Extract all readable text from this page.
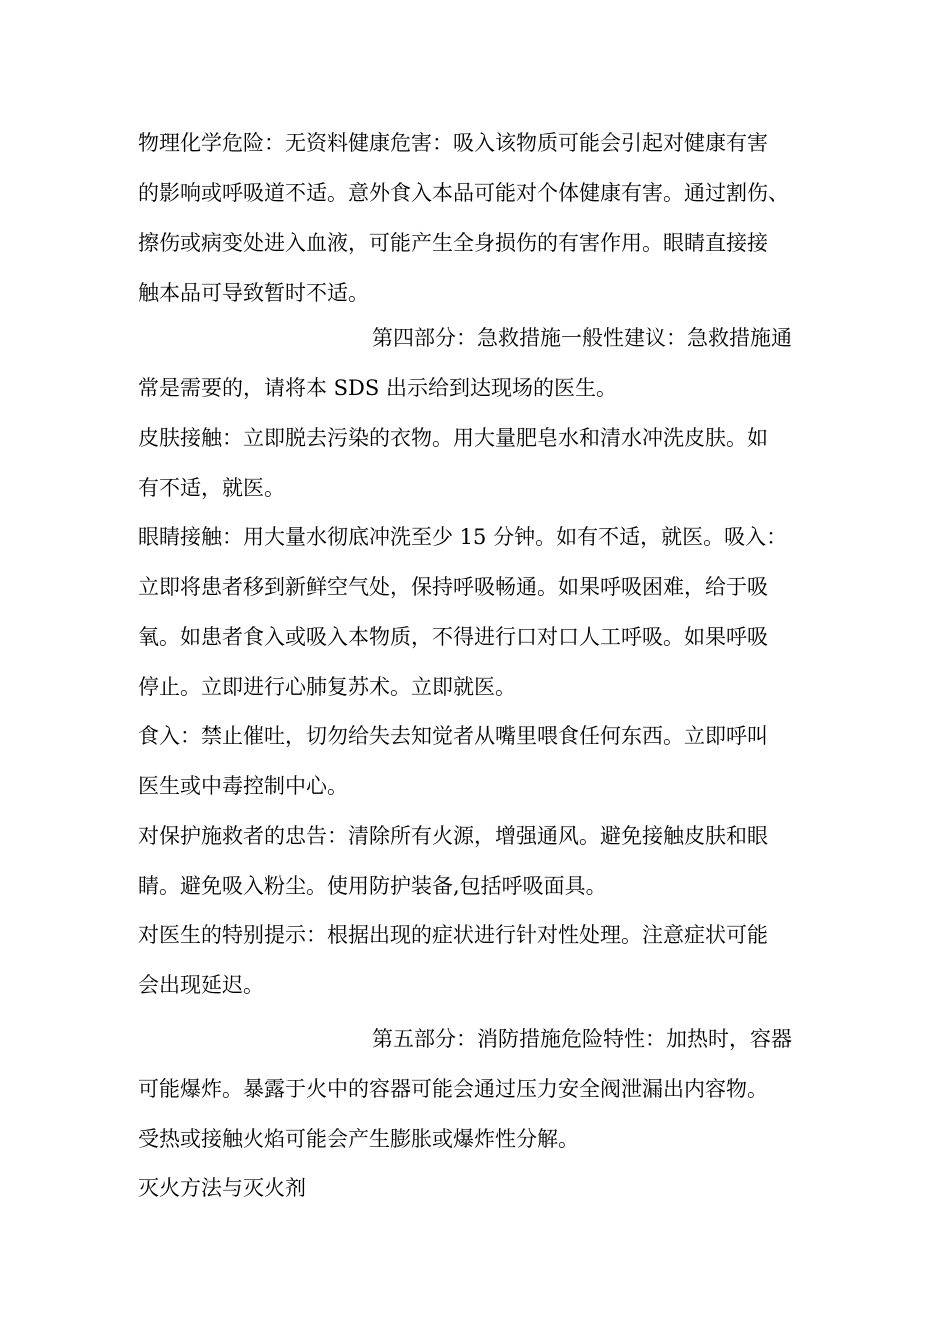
物理化学危险：无资料健康危害：吸入该物质可能会引起对健康有害
的影响或呼吸道不适。意外食入本品可能对个体健康有害。通过割伤、
擦伤或病变处进入血液，可能产生全身损伤的有害作用。眼睛直接接
触本品可导致暂时不适。
第四部分：急救措施一般性建议：急救措施通
常是需要的，请将本 SDS 出示给到达现场的医生。
皮肤接触：立即脱去污染的衣物。用大量肥皂水和清水冲洗皮肤。如
有不适，就医。
眼睛接触：用大量水彻底冲洗至少 15 分钟。如有不适，就医。吸入：
立即将患者移到新鲜空气处，保持呼吸畅通。如果呼吸困难，给于吸
氧。如患者食入或吸入本物质，不得进行口对口人工呼吸。如果呼吸
停止。立即进行心肺复苏术。立即就医。
食入：禁止催吐，切勿给失去知觉者从嘴里喂食任何东西。立即呼叫
医生或中毒控制中心。
对保护施救者的忠告：清除所有火源，增强通风。避免接触皮肤和眼
睛。避免吸入粉尘。使用防护装备,包括呼吸面具。
对医生的特别提示：根据出现的症状进行针对性处理。注意症状可能
会出现延迟。
第五部分：消防措施危险特性：加热时，容器
可能爆炸。暴露于火中的容器可能会通过压力安全阀泄漏出内容物。
受热或接触火焰可能会产生膨胀或爆炸性分解。
灭火方法与灭火剂
